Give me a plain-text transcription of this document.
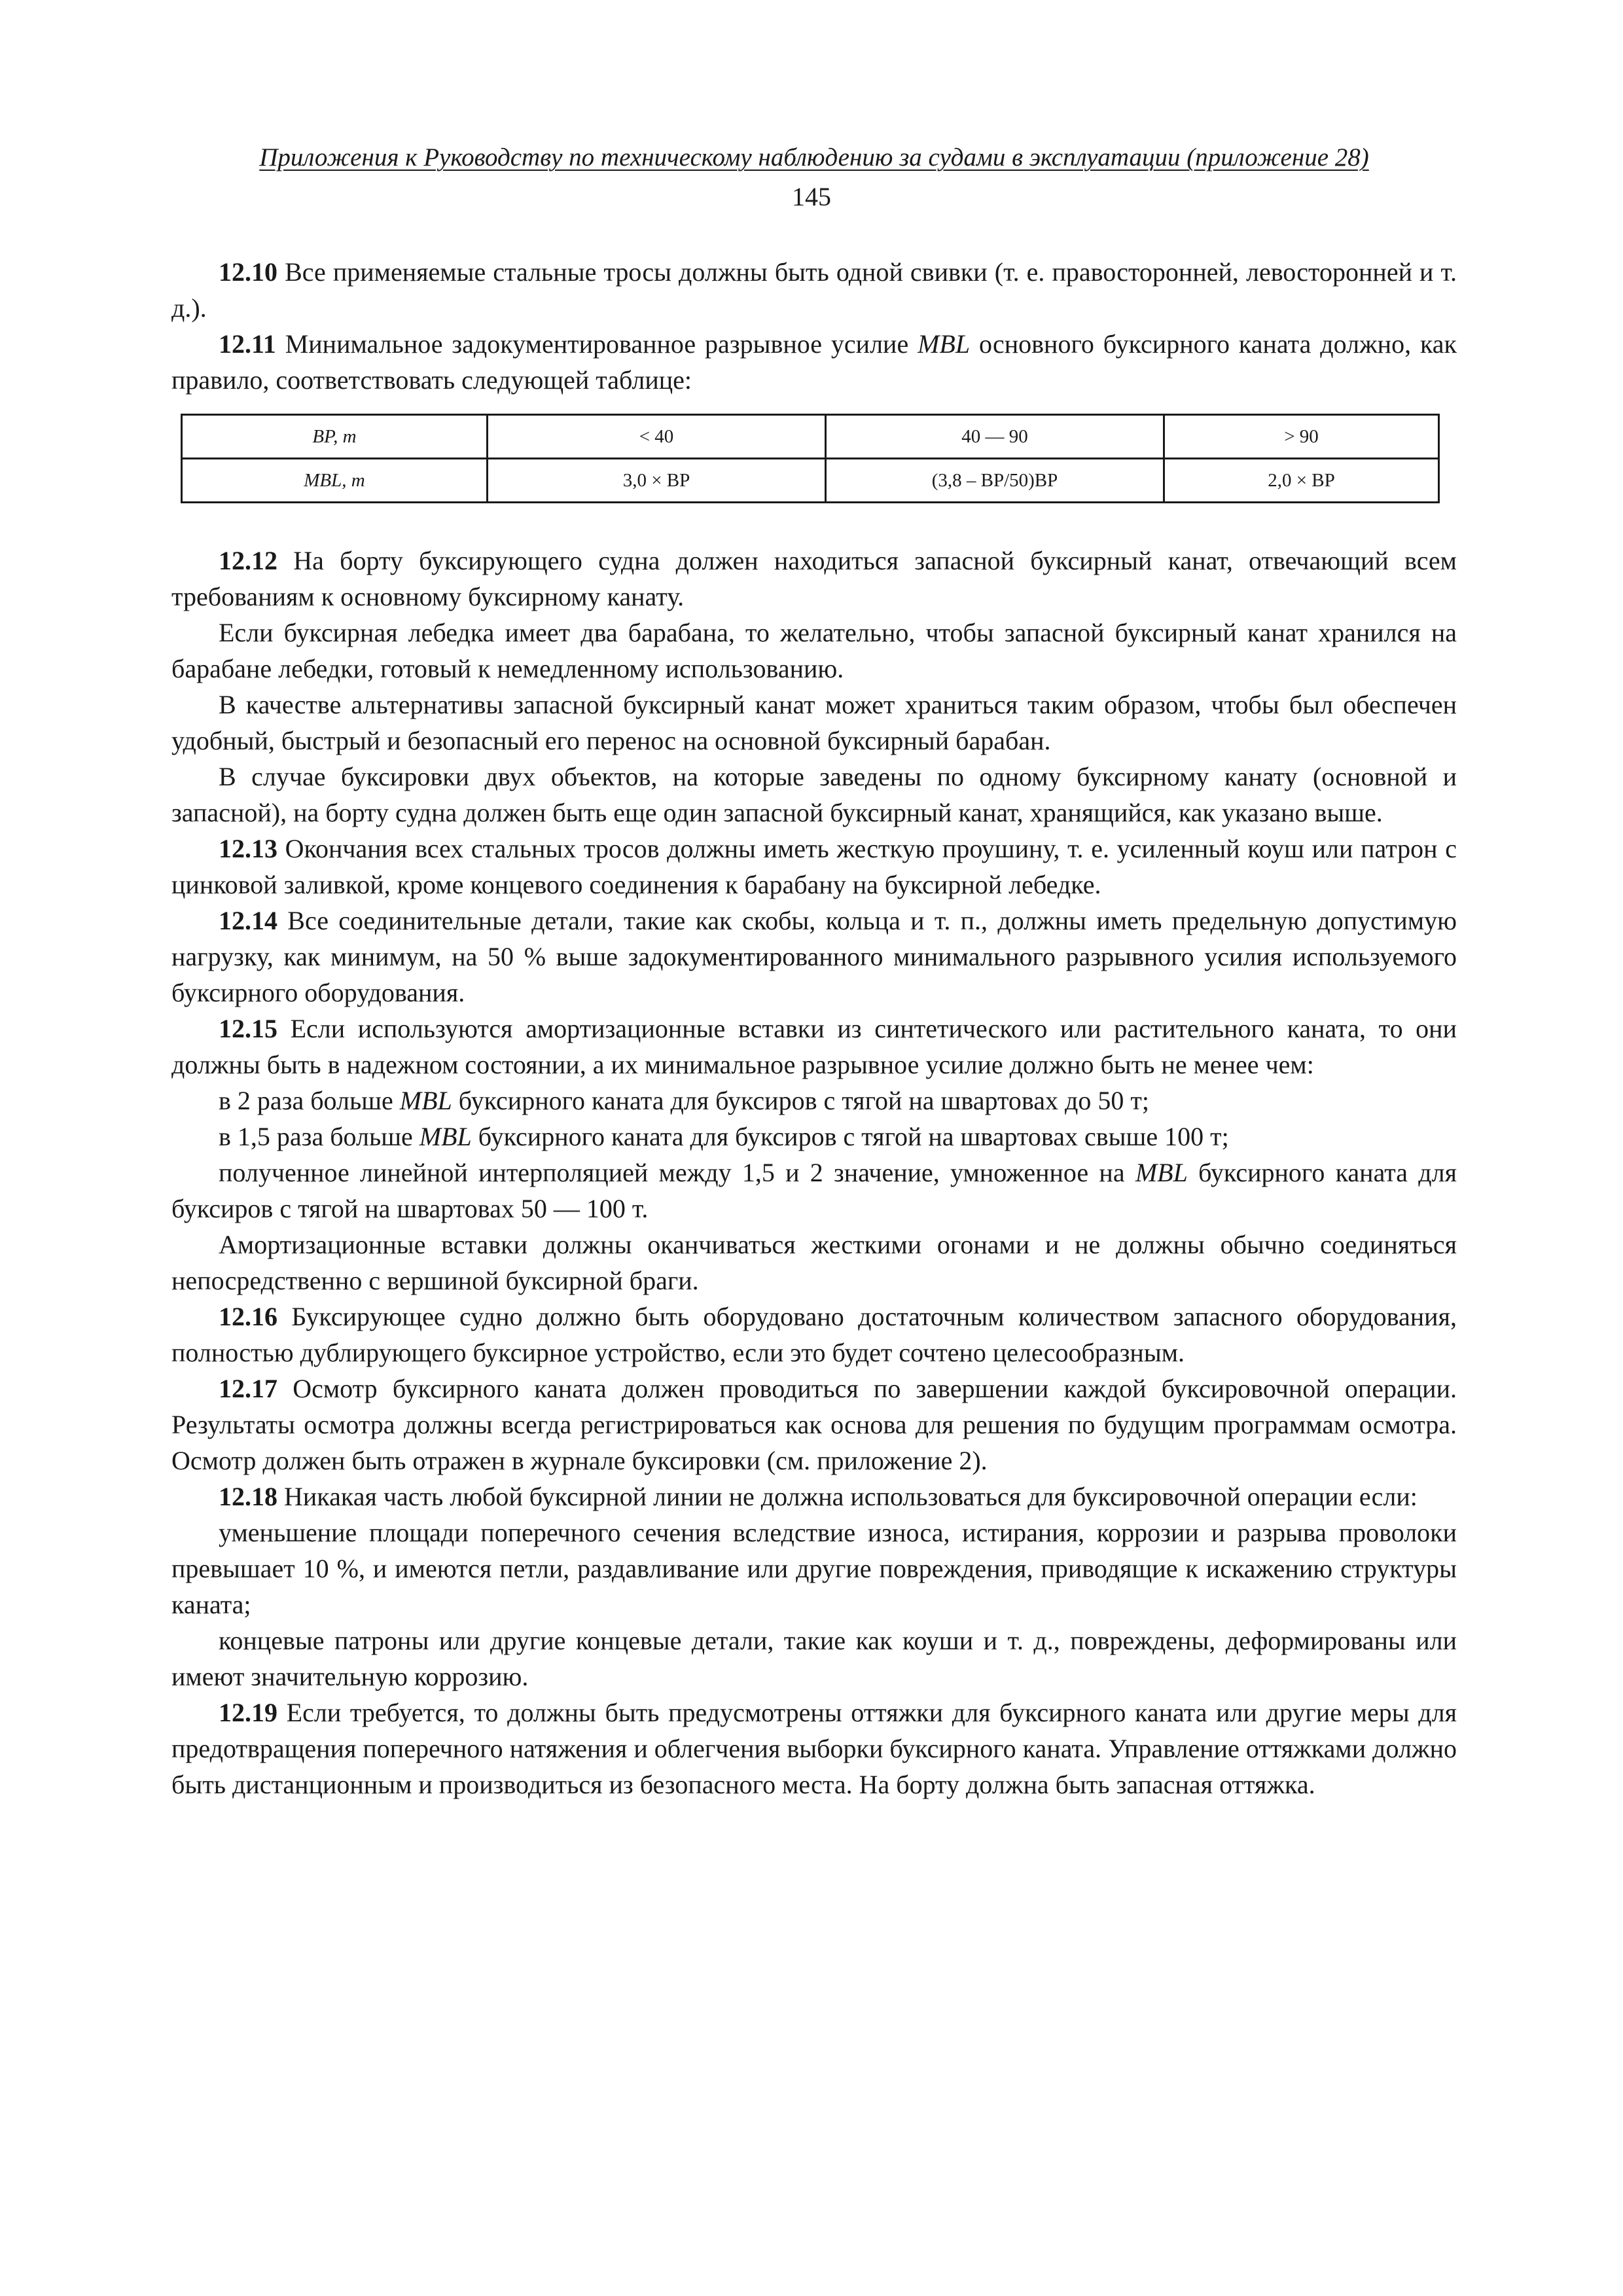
Приложения к Руководству по техническому наблюдению за судами в эксплуатации (приложение 28)
145

12.10 Все применяемые стальные тросы должны быть одной свивки (т. е. правосторонней, левосторонней и т. д.).

12.11 Минимальное задокументированное разрывное усилие MBL основного буксирного каната должно, как правило, соответствовать следующей таблице:

BP, т	< 40	40 — 90	> 90
MBL, т	3,0 × BP	(3,8 – BP/50)BP	2,0 × BP

12.12 На борту буксирующего судна должен находиться запасной буксирный канат, отвечающий всем требованиям к основному буксирному канату.

Если буксирная лебедка имеет два барабана, то желательно, чтобы запасной буксирный канат хранился на барабане лебедки, готовый к немедленному использованию.

В качестве альтернативы запасной буксирный канат может храниться таким образом, чтобы был обеспечен удобный, быстрый и безопасный его перенос на основной буксирный барабан.

В случае буксировки двух объектов, на которые заведены по одному буксирному канату (основной и запасной), на борту судна должен быть еще один запасной буксирный канат, хранящийся, как указано выше.

12.13 Окончания всех стальных тросов должны иметь жесткую проушину, т. е. усиленный коуш или патрон с цинковой заливкой, кроме концевого соединения к барабану на буксирной лебедке.

12.14 Все соединительные детали, такие как скобы, кольца и т. п., должны иметь предельную допустимую нагрузку, как минимум, на 50 % выше задокументированного минимального разрывного усилия используемого буксирного оборудования.

12.15 Если используются амортизационные вставки из синтетического или растительного каната, то они должны быть в надежном состоянии, а их минимальное разрывное усилие должно быть не менее чем:

в 2 раза больше MBL буксирного каната для буксиров с тягой на швартовах до 50 т;

в 1,5 раза больше MBL буксирного каната для буксиров с тягой на швартовах свыше 100 т;

полученное линейной интерполяцией между 1,5 и 2 значение, умноженное на MBL буксирного каната для буксиров с тягой на швартовах 50 — 100 т.

Амортизационные вставки должны оканчиваться жесткими огонами и не должны обычно соединяться непосредственно с вершиной буксирной браги.

12.16 Буксирующее судно должно быть оборудовано достаточным количеством запасного оборудования, полностью дублирующего буксирное устройство, если это будет сочтено целесообразным.

12.17 Осмотр буксирного каната должен проводиться по завершении каждой буксировочной операции. Результаты осмотра должны всегда регистрироваться как основа для решения по будущим программам осмотра. Осмотр должен быть отражен в журнале буксировки (см. приложение 2).

12.18 Никакая часть любой буксирной линии не должна использоваться для буксировочной операции если:

уменьшение площади поперечного сечения вследствие износа, истирания, коррозии и разрыва проволоки превышает 10 %, и имеются петли, раздавливание или другие повреждения, приводящие к искажению структуры каната;

концевые патроны или другие концевые детали, такие как коуши и т. д., повреждены, деформированы или имеют значительную коррозию.

12.19 Если требуется, то должны быть предусмотрены оттяжки для буксирного каната или другие меры для предотвращения поперечного натяжения и облегчения выборки буксирного каната. Управление оттяжками должно быть дистанционным и производиться из безопасного места. На борту должна быть запасная оттяжка.
